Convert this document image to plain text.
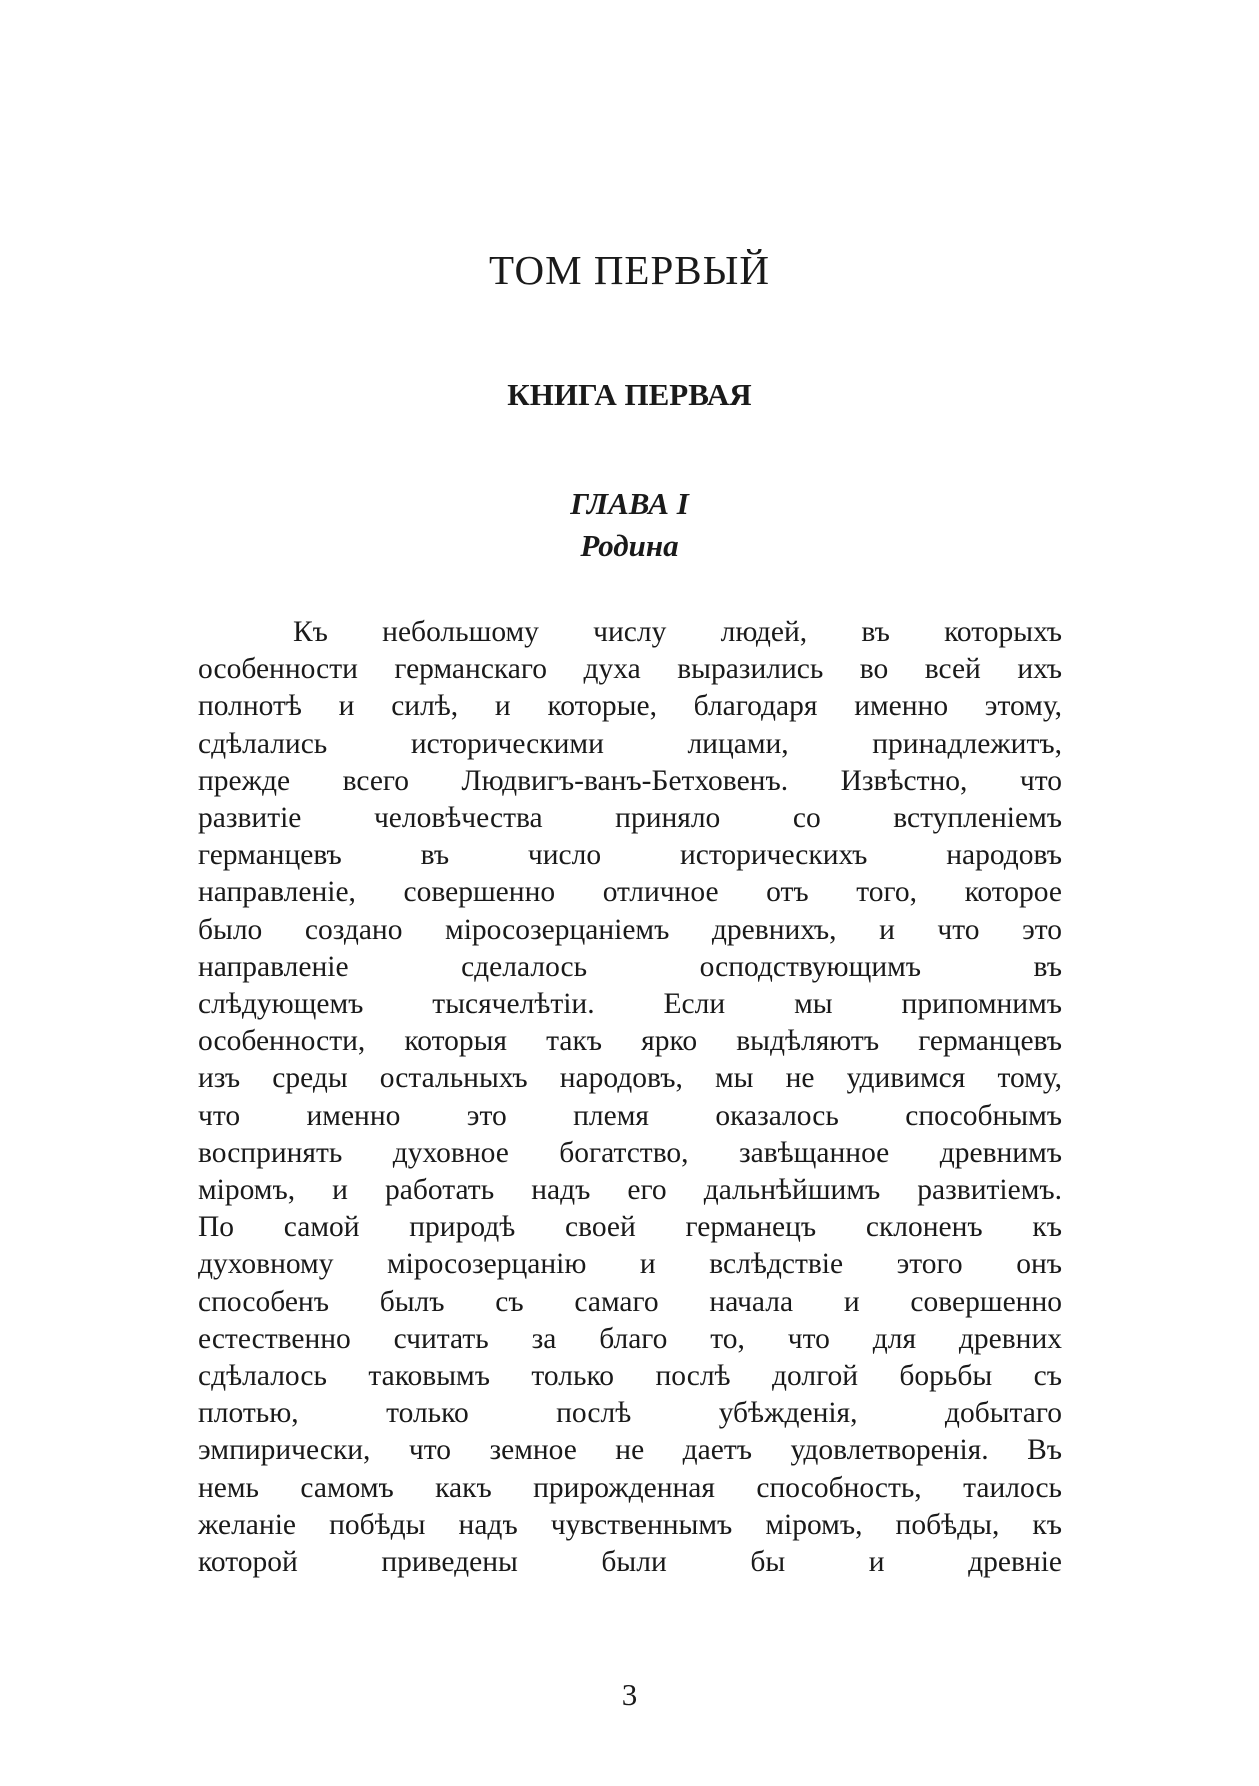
ТОМ ПЕРВЫЙ
КНИГА ПЕРВАЯ
ГЛАВА I
Родина
Къ небольшому числу людей, въ которыхъ
особенности германскаго духа выразились во всей ихъ
полнотѣ и силѣ, и которые, благодаря именно этому,
сдѣлались историческими лицами, принадлежитъ,
прежде всего Людвигъ-ванъ-Бетховенъ. Извѣстно, что
развитіе человѣчества приняло со вступленіемъ
германцевъ въ число историческихъ народовъ
направленіе, совершенно отличное отъ того, которое
было создано міросозерцаніемъ древнихъ, и что это
направленіе сделалось осподствующимъ въ
слѣдующемъ тысячелѣтіи. Если мы припомнимъ
особенности, которыя такъ ярко выдѣляютъ германцевъ
изъ среды остальныхъ народовъ, мы не удивимся тому,
что именно это племя оказалось способнымъ
воспринять духовное богатство, завѣщанное древнимъ
міромъ, и работать надъ его дальнѣйшимъ развитіемъ.
По самой природѣ своей германецъ склоненъ къ
духовному міросозерцанію и вслѣдствіе этого онъ
способенъ былъ съ самаго начала и совершенно
естественно считать за благо то, что для древних
сдѣлалось таковымъ только послѣ долгой борьбы съ
плотью, только послѣ убѣжденія, добытаго
эмпирически, что земное не даетъ удовлетворенія. Въ
немь самомъ какъ прирожденная способность, таилось
желаніе побѣды надъ чувственнымъ міромъ, побѣды, къ
которой приведены были бы и древніе
3
